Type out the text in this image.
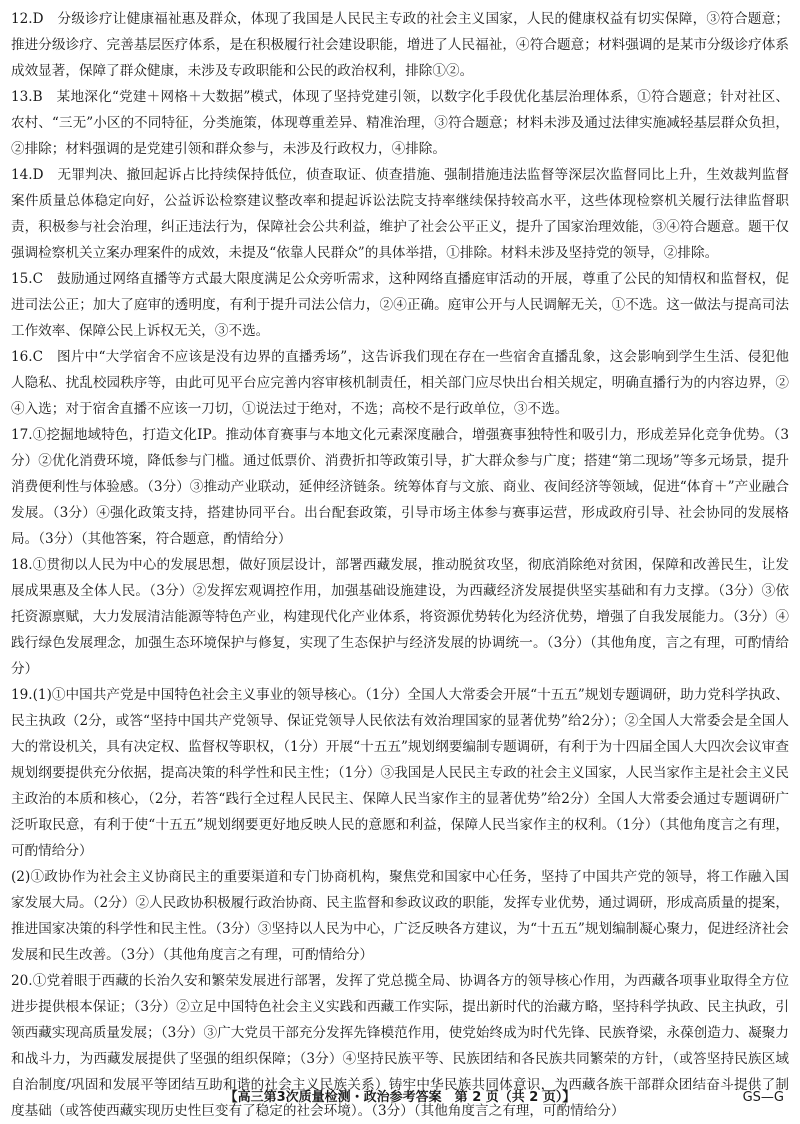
12.D　分级诊疗让健康福祉惠及群众，体现了我国是人民民主专政的社会主义国家，人民的健康权益有切实保障，③符合题意；推进分级诊疗、完善基层医疗体系，是在积极履行社会建设职能，增进了人民福祉，④符合题意；材料强调的是某市分级诊疗体系成效显著，保障了群众健康，未涉及专政职能和公民的政治权利，排除①②。

13.B　某地深化“党建＋网格＋大数据”模式，体现了坚持党建引领，以数字化手段优化基层治理体系，①符合题意；针对社区、农村、“三无”小区的不同特征，分类施策，体现尊重差异、精准治理，③符合题意；材料未涉及通过法律实施减轻基层群众负担，②排除；材料强调的是党建引领和群众参与，未涉及行政权力，④排除。

14.D　无罪判决、撤回起诉占比持续保持低位，侦查取证、侦查措施、强制措施违法监督等深层次监督同比上升，生效裁判监督案件质量总体稳定向好，公益诉讼检察建议整改率和提起诉讼法院支持率继续保持较高水平，这些体现检察机关履行法律监督职责，积极参与社会治理，纠正违法行为，保障社会公共利益，维护了社会公平正义，提升了国家治理效能，③④符合题意。题干仅强调检察机关立案办理案件的成效，未提及“依靠人民群众”的具体举措，①排除。材料未涉及坚持党的领导，②排除。

15.C　鼓励通过网络直播等方式最大限度满足公众旁听需求，这种网络直播庭审活动的开展，尊重了公民的知情权和监督权，促进司法公正；加大了庭审的透明度，有利于提升司法公信力，②④正确。庭审公开与人民调解无关，①不选。这一做法与提高司法工作效率、保障公民上诉权无关，③不选。

16.C　图片中“大学宿舍不应该是没有边界的直播秀场”，这告诉我们现在存在一些宿舍直播乱象，这会影响到学生生活、侵犯他人隐私、扰乱校园秩序等，由此可见平台应完善内容审核机制责任，相关部门应尽快出台相关规定，明确直播行为的内容边界，②④入选；对于宿舍直播不应该一刀切，①说法过于绝对，不选；高校不是行政单位，③不选。

17.①挖掘地域特色，打造文化IP。推动体育赛事与本地文化元素深度融合，增强赛事独特性和吸引力，形成差异化竞争优势。（3分）②优化消费环境，降低参与门槛。通过低票价、消费折扣等政策引导，扩大群众参与广度；搭建“第二现场”等多元场景，提升消费便利性与体验感。（3分）③推动产业联动，延伸经济链条。统筹体育与文旅、商业、夜间经济等领域，促进“体育＋”产业融合发展。（3分）④强化政策支持，搭建协同平台。出台配套政策，引导市场主体参与赛事运营，形成政府引导、社会协同的发展格局。（3分）（其他答案，符合题意，酌情给分）

18.①贯彻以人民为中心的发展思想，做好顶层设计，部署西藏发展，推动脱贫攻坚，彻底消除绝对贫困，保障和改善民生，让发展成果惠及全体人民。（3分）②发挥宏观调控作用，加强基础设施建设，为西藏经济发展提供坚实基础和有力支撑。（3分）③依托资源禀赋，大力发展清洁能源等特色产业，构建现代化产业体系，将资源优势转化为经济优势，增强了自我发展能力。（3分）④践行绿色发展理念，加强生态环境保护与修复，实现了生态保护与经济发展的协调统一。（3分）（其他角度，言之有理，可酌情给分）

19.(1)①中国共产党是中国特色社会主义事业的领导核心。（1分）全国人大常委会开展“十五五”规划专题调研，助力党科学执政、民主执政（2分，或答“坚持中国共产党领导、保证党领导人民依法有效治理国家的显著优势”给2分）；②全国人大常委会是全国人大的常设机关，具有决定权、监督权等职权，（1分）开展“十五五”规划纲要编制专题调研，有利于为十四届全国人大四次会议审查规划纲要提供充分依据，提高决策的科学性和民主性；（1分）③我国是人民民主专政的社会主义国家，人民当家作主是社会主义民主政治的本质和核心，（2分，若答“践行全过程人民民主、保障人民当家作主的显著优势”给2分）全国人大常委会通过专题调研广泛听取民意，有利于使“十五五”规划纲要更好地反映人民的意愿和利益，保障人民当家作主的权利。（1分）（其他角度言之有理，可酌情给分）

(2)①政协作为社会主义协商民主的重要渠道和专门协商机构，聚焦党和国家中心任务，坚持了中国共产党的领导，将工作融入国家发展大局。（2分）②人民政协积极履行政治协商、民主监督和参政议政的职能，发挥专业优势，通过调研，形成高质量的提案，推进国家决策的科学性和民主性。（3分）③坚持以人民为中心，广泛反映各方建议，为“十五五”规划编制凝心聚力，促进经济社会发展和民生改善。（3分）（其他角度言之有理，可酌情给分）

20.①党着眼于西藏的长治久安和繁荣发展进行部署，发挥了党总揽全局、协调各方的领导核心作用，为西藏各项事业取得全方位进步提供根本保证；（3分）②立足中国特色社会主义实践和西藏工作实际，提出新时代的治藏方略，坚持科学执政、民主执政，引领西藏实现高质量发展；（3分）③广大党员干部充分发挥先锋模范作用，使党始终成为时代先锋、民族脊梁，永葆创造力、凝聚力和战斗力，为西藏发展提供了坚强的组织保障；（3分）④坚持民族平等、民族团结和各民族共同繁荣的方针，（或答坚持民族区域自治制度/巩固和发展平等团结互助和谐的社会主义民族关系）铸牢中华民族共同体意识，为西藏各族干部群众团结奋斗提供了制度基础（或答使西藏实现历史性巨变有了稳定的社会环境）。（3分）（其他角度言之有理，可酌情给分）

【高三第3次质量检测・政治参考答案　第 2 页（共 2 页）】	GS—G
